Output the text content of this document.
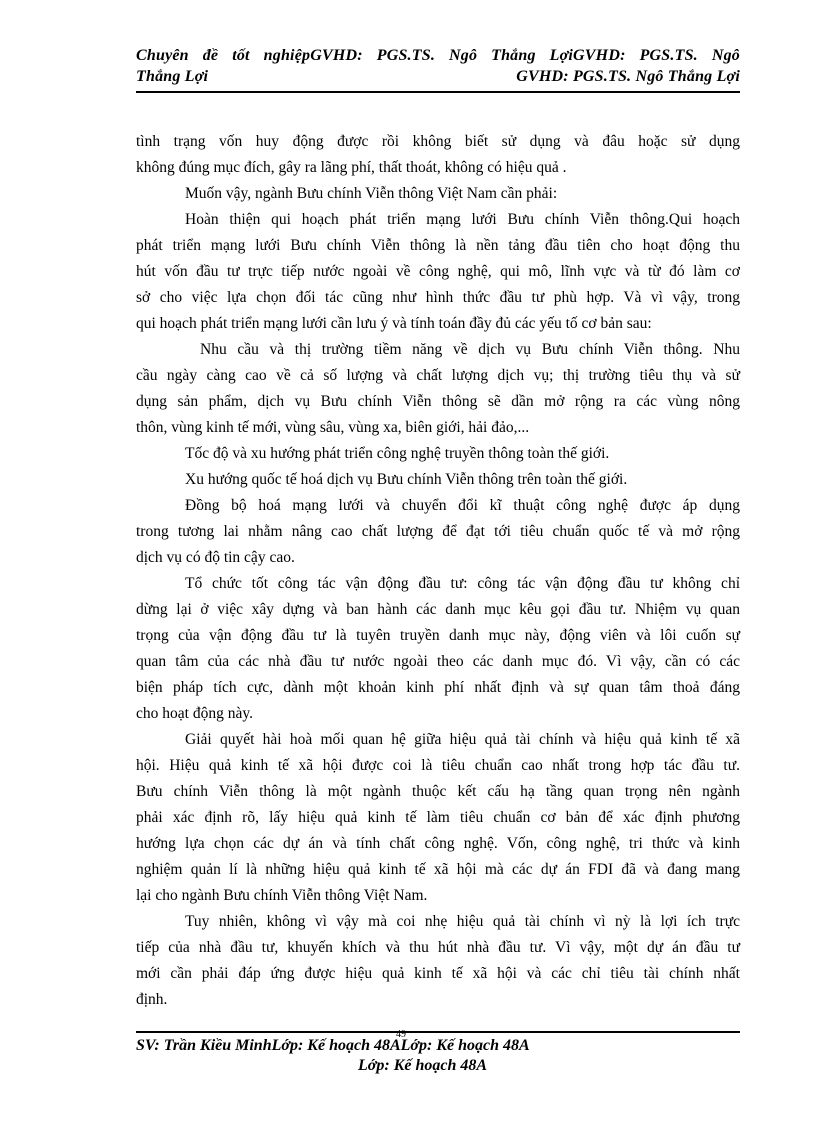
Chuyên đề tốt nghiệpGVHD: PGS.TS. Ngô Thắng LợiGVHD: PGS.TS. Ngô
Thắng Lợi	GVHD: PGS.TS. Ngô Thắng Lợi
tình trạng vốn huy động được rồi không biết sử dụng và đâu hoặc sử dụng
không đúng mục đích, gây ra lãng phí, thất thoát, không có hiệu quả .
Muốn vậy, ngành Bưu chính Viễn thông Việt Nam cần phải:
Hoàn thiện qui hoạch phát triển mạng lưới Bưu chính Viễn thông.Qui hoạch
phát triển mạng lưới Bưu chính Viễn thông là nền tảng đầu tiên cho hoạt động thu
hút vốn đầu tư trực tiếp nước ngoài về công nghệ, qui mô, lĩnh vực và từ đó làm cơ
sở cho việc lựa chọn đối tác cũng như hình thức đầu tư phù hợp. Và vì vậy, trong
qui hoạch phát triển mạng lưới cần lưu ý và tính toán đầy đủ các yếu tố cơ bản sau:
Nhu cầu và thị trường tiềm năng về dịch vụ Bưu chính Viễn thông. Nhu
cầu ngày càng cao về cả số lượng và chất lượng dịch vụ; thị trường tiêu thụ và sử
dụng sản phẩm, dịch vụ Bưu chính Viễn thông sẽ dần mở rộng ra các vùng nông
thôn, vùng kinh tế mới, vùng sâu, vùng xa, biên giới, hải đảo,...
Tốc độ và xu hướng phát triển công nghệ truyền thông toàn thế giới.
Xu hướng quốc tế hoá dịch vụ Bưu chính Viễn thông trên toàn thế giới.
Đồng bộ hoá mạng lưới và chuyển đổi kĩ thuật công nghệ được áp dụng
trong tương lai nhằm nâng cao chất lượng để đạt tới tiêu chuẩn quốc tế và mở rộng
dịch vụ có độ tin cậy cao.
Tổ chức tốt công tác vận động đầu tư: công tác vận động đầu tư không chỉ
dừng lại ở việc xây dựng và ban hành các danh mục kêu gọi đầu tư. Nhiệm vụ quan
trọng của vận động đầu tư là tuyên truyền danh mục này, động viên và lôi cuốn sự
quan tâm của các nhà đầu tư nước ngoài theo các danh mục đó. Vì vậy, cần có các
biện pháp tích cực, dành một khoản kinh phí nhất định và sự quan tâm thoả đáng
cho hoạt động này.
Giải quyết hài hoà mối quan hệ giữa hiệu quả tài chính và hiệu quả kinh tế xã
hội. Hiệu quả kinh tế xã hội được coi là tiêu chuẩn cao nhất trong hợp tác đầu tư.
Bưu chính Viễn thông là một ngành thuộc kết cấu hạ tầng quan trọng nên ngành
phải xác định rõ, lấy hiệu quả kinh tế làm tiêu chuẩn cơ bản để xác định phương
hướng lựa chọn các dự án và tính chất công nghệ. Vốn, công nghệ, tri thức và kinh
nghiệm quản lí là những hiệu quả kinh tế xã hội mà các dự án FDI đã và đang mang
lại cho ngành Bưu chính Viễn thông Việt Nam.
Tuy nhiên, không vì vậy mà coi nhẹ hiệu quả tài chính vì nỳ là lợi ích trực
tiếp của nhà đầu tư, khuyến khích và thu hút nhà đầu tư. Vì vậy, một dự án đầu tư
mới cần phải đáp ứng được hiệu quả kinh tế xã hội và các chỉ tiêu tài chính nhất
định.
49
SV: Trần Kiều MinhLớp: Kế hoạch 48ALớp: Kế hoạch 48A
Lớp: Kế hoạch 48A
